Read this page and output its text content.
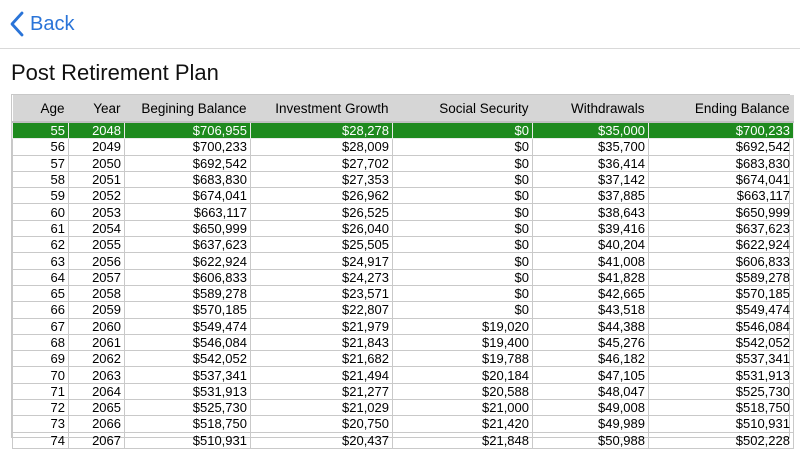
Back
Post Retirement Plan
Age	Year	Begining Balance	Investment Growth	Social Security	Withdrawals	Ending Balance
55	2048	$706,955	$28,278	$0	$35,000	$700,233
56	2049	$700,233	$28,009	$0	$35,700	$692,542
57	2050	$692,542	$27,702	$0	$36,414	$683,830
58	2051	$683,830	$27,353	$0	$37,142	$674,041
59	2052	$674,041	$26,962	$0	$37,885	$663,117
60	2053	$663,117	$26,525	$0	$38,643	$650,999
61	2054	$650,999	$26,040	$0	$39,416	$637,623
62	2055	$637,623	$25,505	$0	$40,204	$622,924
63	2056	$622,924	$24,917	$0	$41,008	$606,833
64	2057	$606,833	$24,273	$0	$41,828	$589,278
65	2058	$589,278	$23,571	$0	$42,665	$570,185
66	2059	$570,185	$22,807	$0	$43,518	$549,474
67	2060	$549,474	$21,979	$19,020	$44,388	$546,084
68	2061	$546,084	$21,843	$19,400	$45,276	$542,052
69	2062	$542,052	$21,682	$19,788	$46,182	$537,341
70	2063	$537,341	$21,494	$20,184	$47,105	$531,913
71	2064	$531,913	$21,277	$20,588	$48,047	$525,730
72	2065	$525,730	$21,029	$21,000	$49,008	$518,750
73	2066	$518,750	$20,750	$21,420	$49,989	$510,931
74	2067	$510,931	$20,437	$21,848	$50,988	$502,228
